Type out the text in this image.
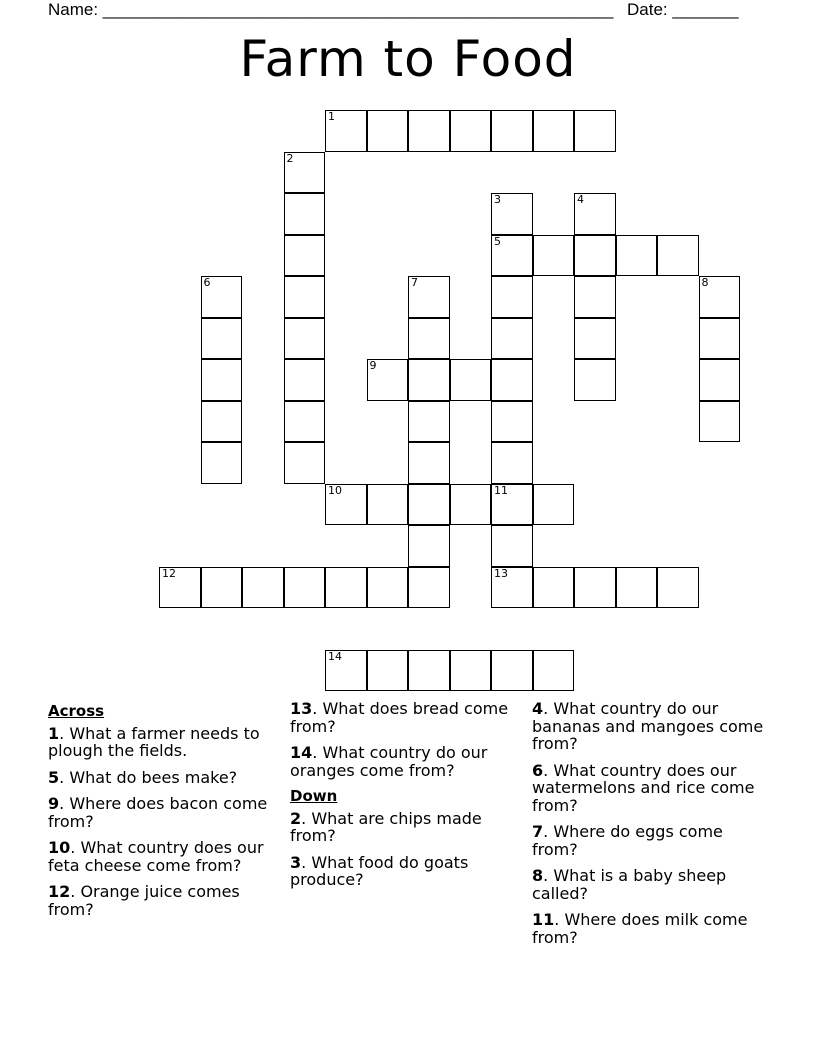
Name: ______________________________________________________ Date: _______
Farm to Food
1
2
3
5
4
6	7	8
9
10	11
13
12
14
Across
1. What a farmer needs to plough the fields.
5. What do bees make?
9. Where does bacon come from?
10. What country does our feta cheese come from?
12. Orange juice comes from?
13. What does bread come from?
14. What country do our oranges come from?
Down
2. What are chips made from?
3. What food do goats produce?
4. What country do our bananas and mangoes come from?
6. What country does our watermelons and rice come from?
7. Where do eggs come from?
8. What is a baby sheep called?
11. Where does milk come from?
